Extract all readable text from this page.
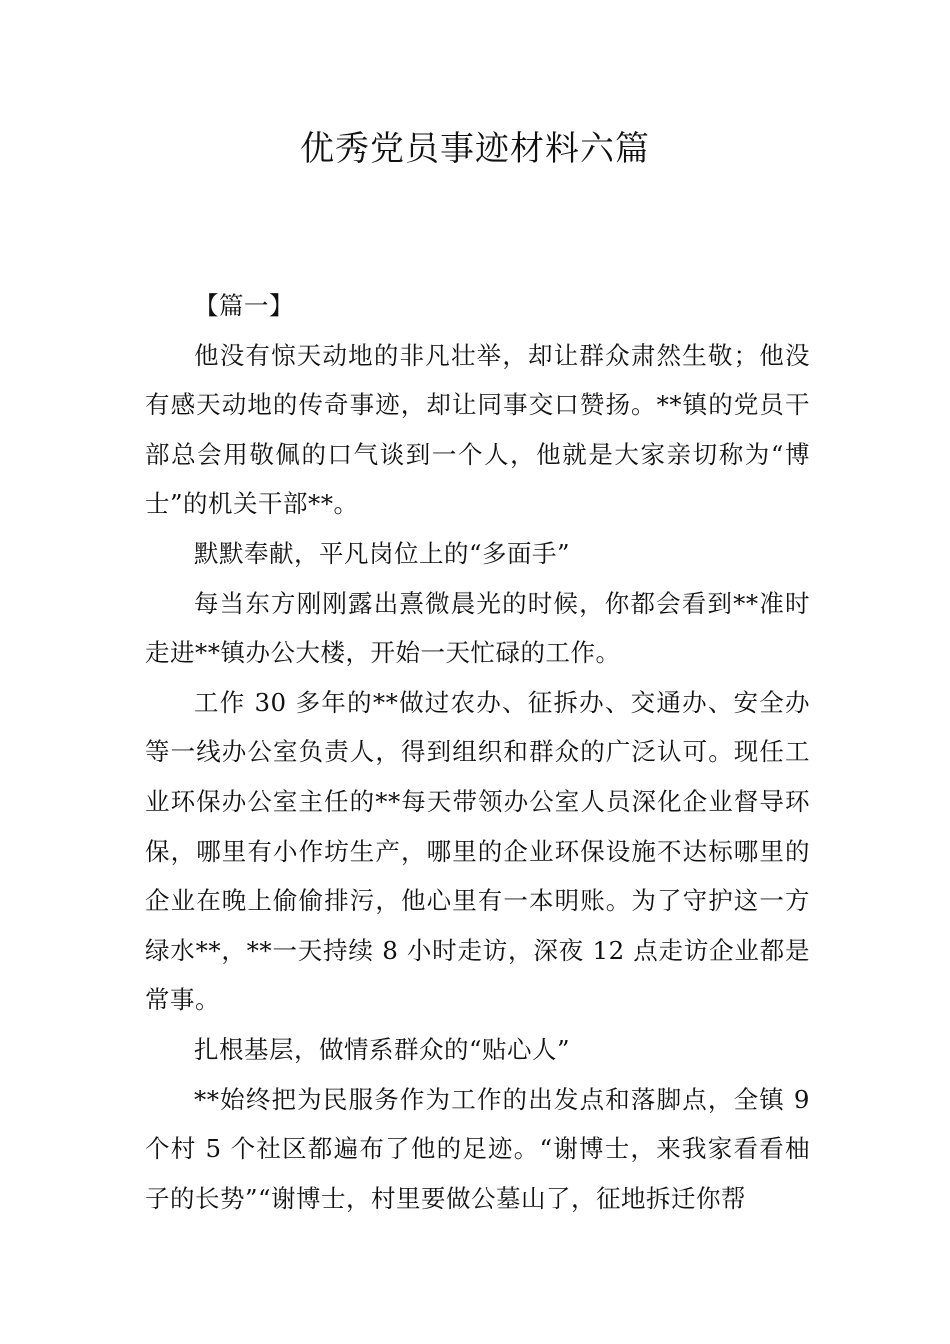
优秀党员事迹材料六篇

【篇一】

他没有惊天动地的非凡壮举，却让群众肃然生敬；他没有感天动地的传奇事迹，却让同事交口赞扬。**镇的党员干部总会用敬佩的口气谈到一个人，他就是大家亲切称为“博士”的机关干部**。

默默奉献，平凡岗位上的“多面手”

每当东方刚刚露出熹微晨光的时候，你都会看到**准时走进**镇办公大楼，开始一天忙碌的工作。

工作 30 多年的**做过农办、征拆办、交通办、安全办等一线办公室负责人，得到组织和群众的广泛认可。现任工业环保办公室主任的**每天带领办公室人员深化企业督导环保，哪里有小作坊生产，哪里的企业环保设施不达标哪里的企业在晚上偷偷排污，他心里有一本明账。为了守护这一方绿水**，**一天持续 8 小时走访，深夜 12 点走访企业都是常事。

扎根基层，做情系群众的“贴心人”

**始终把为民服务作为工作的出发点和落脚点，全镇 9 个村 5 个社区都遍布了他的足迹。“谢博士，来我家看看柚子的长势”“谢博士，村里要做公墓山了，征地拆迁你帮
